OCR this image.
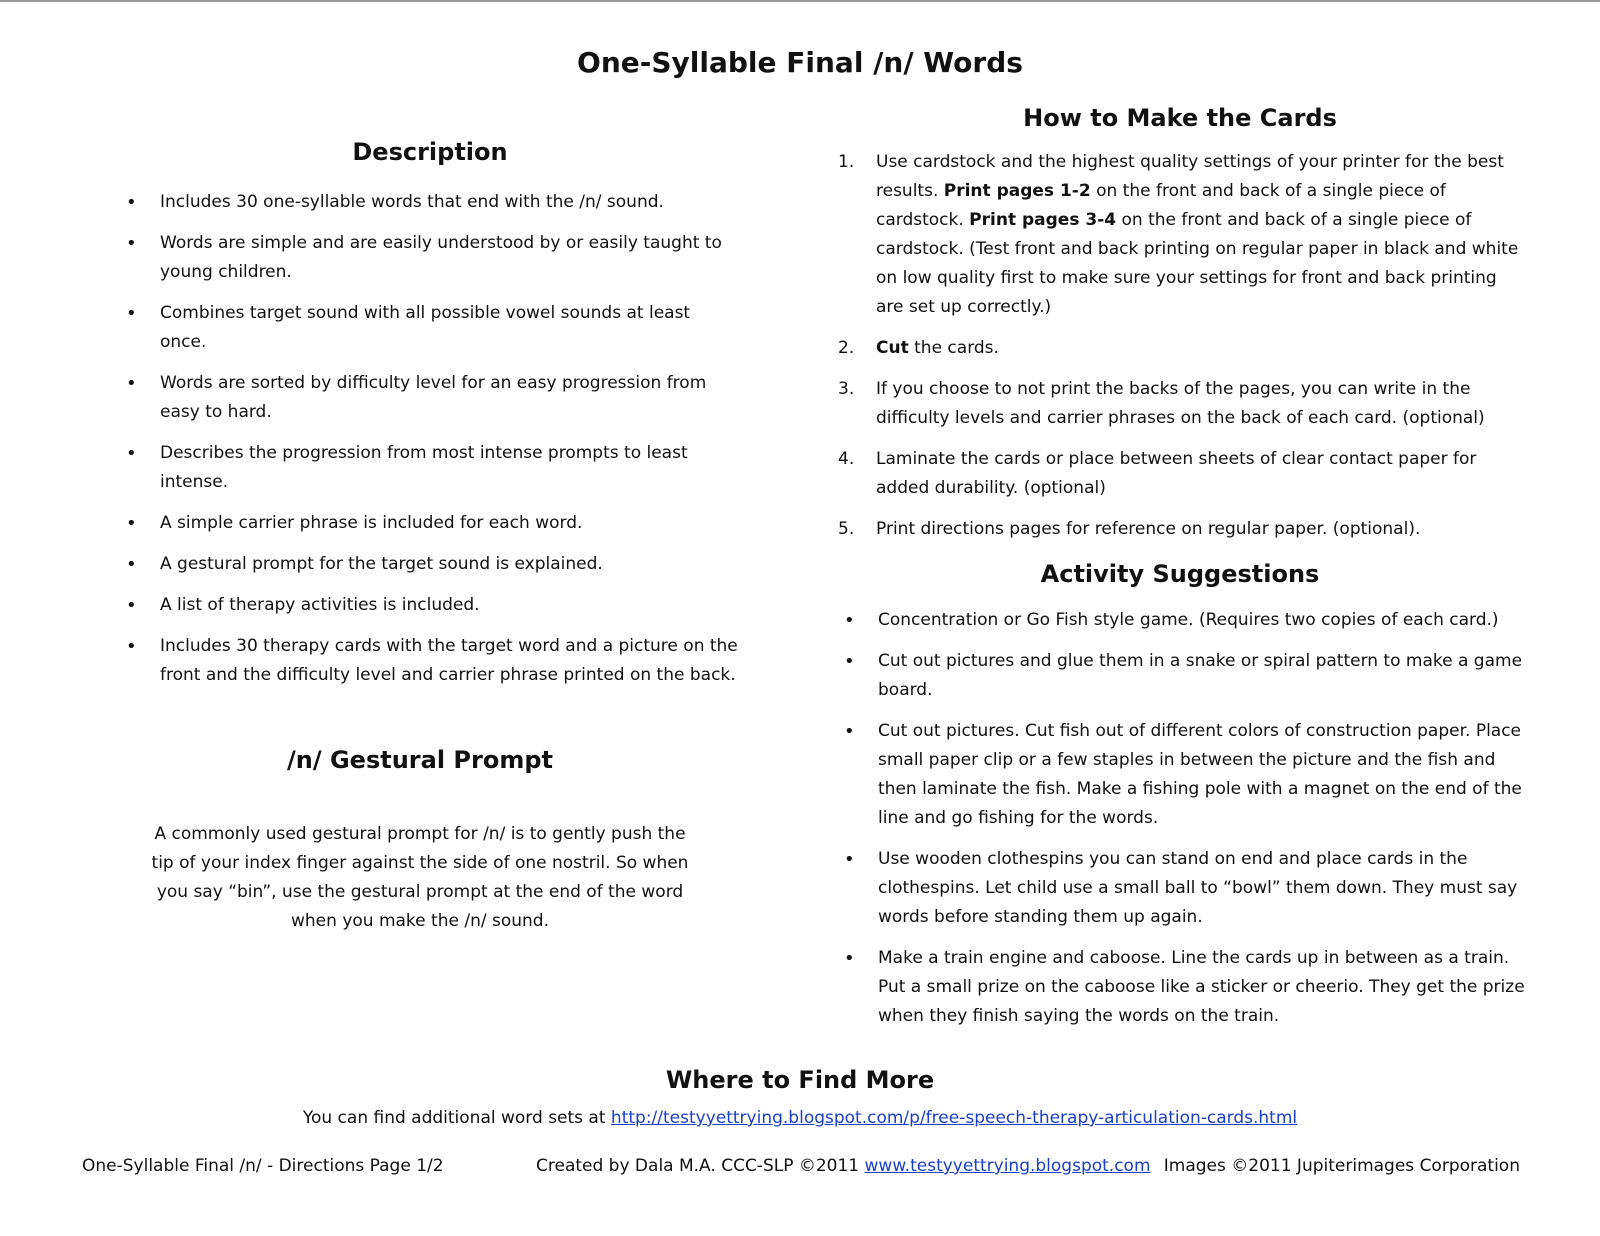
One-Syllable Final /n/ Words
Description
• Includes 30 one-syllable words that end with the /n/ sound.
• Words are simple and are easily understood by or easily taught to young children.
• Combines target sound with all possible vowel sounds at least once.
• Words are sorted by difficulty level for an easy progression from easy to hard.
• Describes the progression from most intense prompts to least intense.
• A simple carrier phrase is included for each word.
• A gestural prompt for the target sound is explained.
• A list of therapy activities is included.
• Includes 30 therapy cards with the target word and a picture on the front and the difficulty level and carrier phrase printed on the back.
/n/ Gestural Prompt
A commonly used gestural prompt for /n/ is to gently push the tip of your index finger against the side of one nostril. So when you say “bin”, use the gestural prompt at the end of the word when you make the /n/ sound.
How to Make the Cards
1. Use cardstock and the highest quality settings of your printer for the best results. Print pages 1-2 on the front and back of a single piece of cardstock. Print pages 3-4 on the front and back of a single piece of cardstock. (Test front and back printing on regular paper in black and white on low quality first to make sure your settings for front and back printing are set up correctly.)
2. Cut the cards.
3. If you choose to not print the backs of the pages, you can write in the difficulty levels and carrier phrases on the back of each card. (optional)
4. Laminate the cards or place between sheets of clear contact paper for added durability. (optional)
5. Print directions pages for reference on regular paper. (optional).
Activity Suggestions
• Concentration or Go Fish style game. (Requires two copies of each card.)
• Cut out pictures and glue them in a snake or spiral pattern to make a game board.
• Cut out pictures. Cut fish out of different colors of construction paper. Place small paper clip or a few staples in between the picture and the fish and then laminate the fish. Make a fishing pole with a magnet on the end of the line and go fishing for the words.
• Use wooden clothespins you can stand on end and place cards in the clothespins. Let child use a small ball to “bowl” them down. They must say words before standing them up again.
• Make a train engine and caboose. Line the cards up in between as a train. Put a small prize on the caboose like a sticker or cheerio. They get the prize when they finish saying the words on the train.
Where to Find More
You can find additional word sets at http://testyyettrying.blogspot.com/p/free-speech-therapy-articulation-cards.html
One-Syllable Final /n/ - Directions Page 1/2	Created by Dala M.A. CCC-SLP ©2011 www.testyyettrying.blogspot.com Images ©2011 Jupiterimages Corporation
